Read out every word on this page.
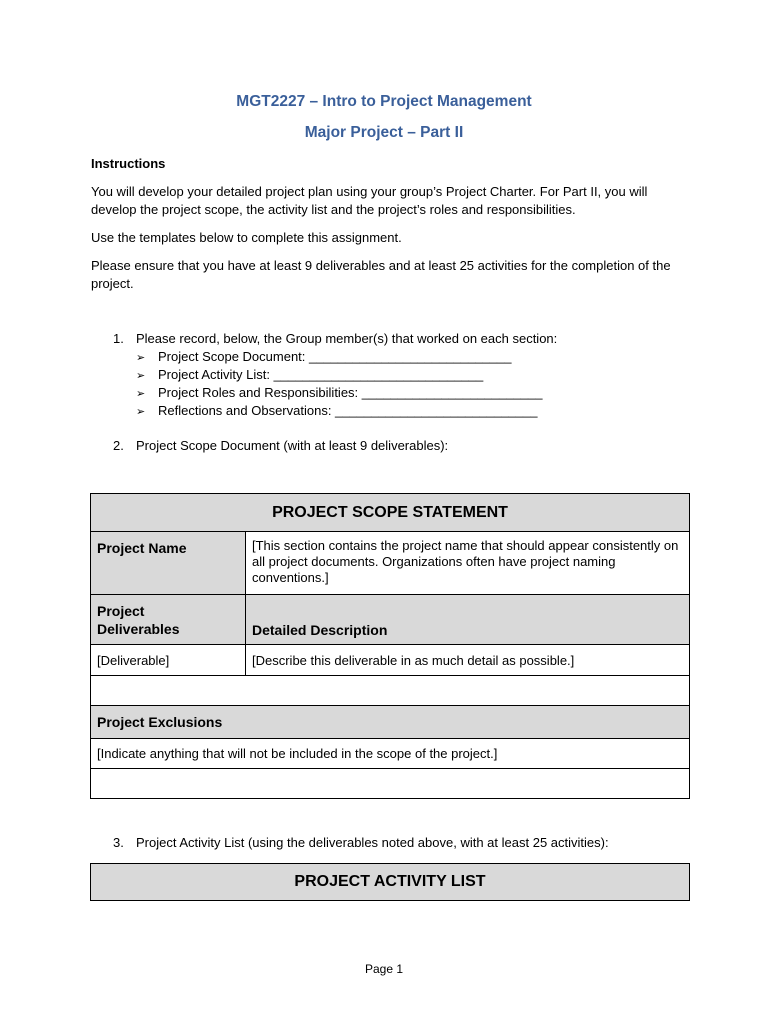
MGT2227 – Intro to Project Management
Major Project – Part II
Instructions
You will develop your detailed project plan using your group’s Project Charter. For Part II, you will develop the project scope, the activity list and the project’s roles and responsibilities.
Use the templates below to complete this assignment.
Please ensure that you have at least 9 deliverables and at least 25 activities for the completion of the project.
1. Please record, below, the Group member(s) that worked on each section:
➢ Project Scope Document: ____________________________
➢ Project Activity List: _____________________________
➢ Project Roles and Responsibilities: _________________________
➢ Reflections and Observations: ____________________________
2. Project Scope Document (with at least 9 deliverables):
PROJECT SCOPE STATEMENT	
Project Name	[This section contains the project name that should appear consistently on all project documents. Organizations often have project naming conventions.]

Project
Deliverables	Detailed Description
[Deliverable]	[Describe this deliverable in as much detail as possible.]

Project Exclusions	
[Indicate anything that will not be included in the scope of the project.]	

3. Project Activity List (using the deliverables noted above, with at least 25 activities):
PROJECT ACTIVITY LIST
Page 1
